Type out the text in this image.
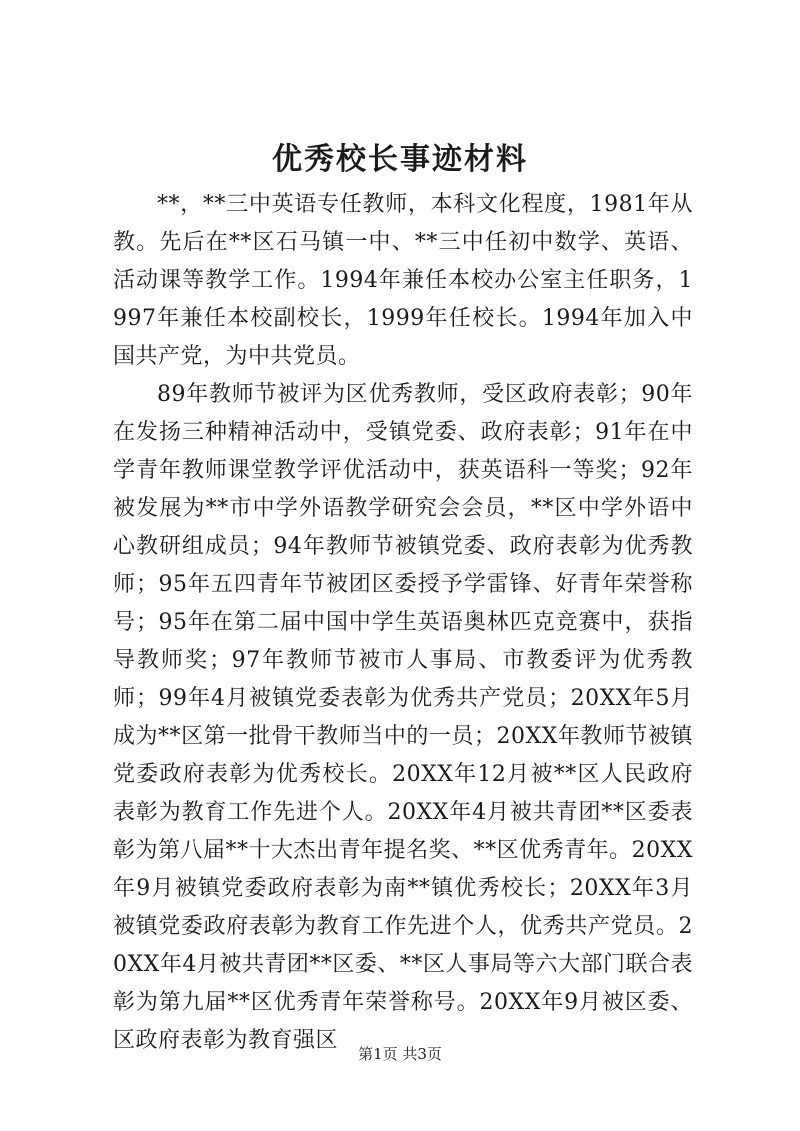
优秀校长事迹材料

**，**三中英语专任教师，本科文化程度，1981年从教。先后在**区石马镇一中、**三中任初中数学、英语、活动课等教学工作。1994年兼任本校办公室主任职务，1997年兼任本校副校长，1999年任校长。1994年加入中国共产党，为中共党员。

89年教师节被评为区优秀教师，受区政府表彰；90年在发扬三种精神活动中，受镇党委、政府表彰；91年在中学青年教师课堂教学评优活动中，获英语科一等奖；92年被发展为**市中学外语教学研究会会员，**区中学外语中心教研组成员；94年教师节被镇党委、政府表彰为优秀教师；95年五四青年节被团区委授予学雷锋、好青年荣誉称号；95年在第二届中国中学生英语奥林匹克竞赛中，获指导教师奖；97年教师节被市人事局、市教委评为优秀教师；99年4月被镇党委表彰为优秀共产党员；20XX年5月成为**区第一批骨干教师当中的一员；20XX年教师节被镇党委政府表彰为优秀校长。20XX年12月被**区人民政府表彰为教育工作先进个人。20XX年4月被共青团**区委表彰为第八届**十大杰出青年提名奖、**区优秀青年。20XX年9月被镇党委政府表彰为南**镇优秀校长；20XX年3月被镇党委政府表彰为教育工作先进个人，优秀共产党员。20XX年4月被共青团**区委、**区人事局等六大部门联合表彰为第九届**区优秀青年荣誉称号。20XX年9月被区委、区政府表彰为教育强区

第1页 共3页
